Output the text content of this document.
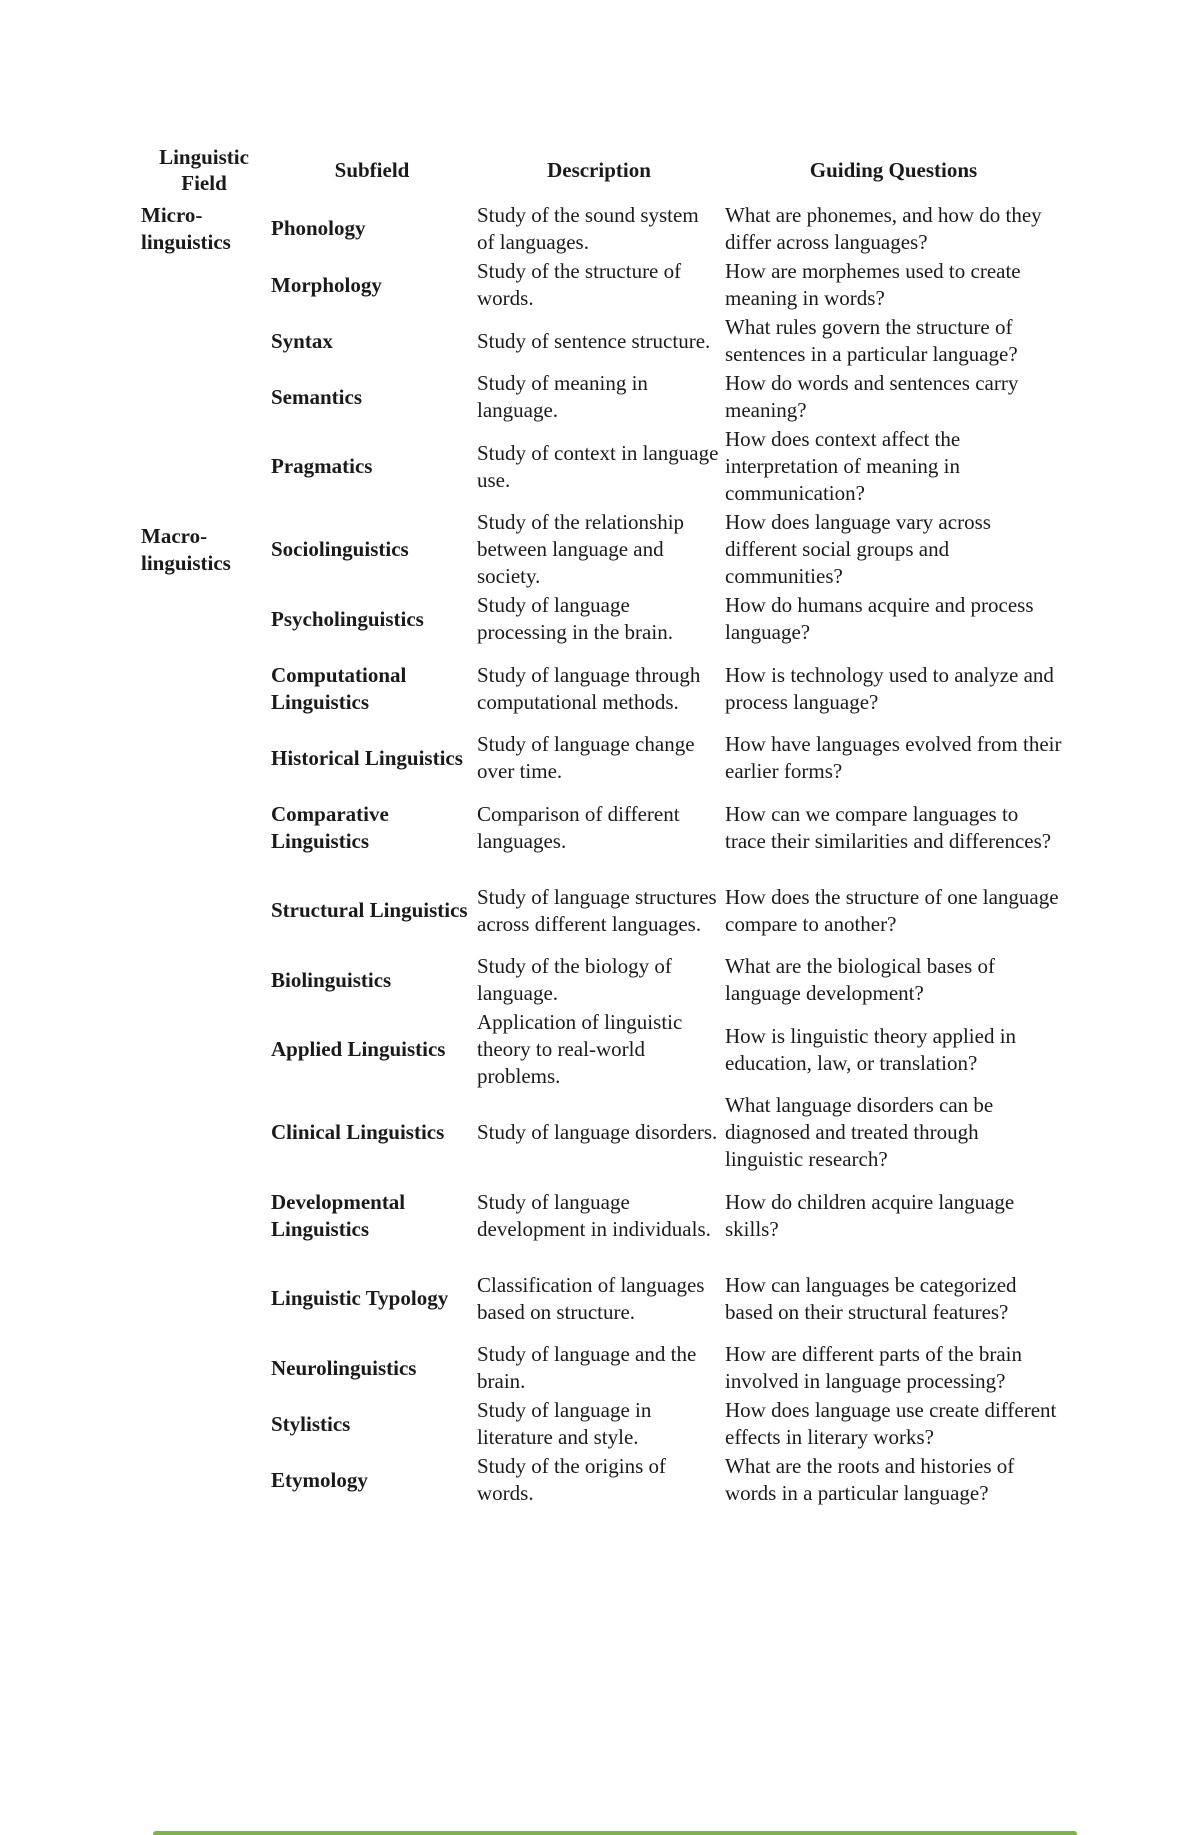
Linguistic Field	Subfield	Description	Guiding Questions
Micro-linguistics	Phonology	Study of the sound system of languages.	What are phonemes, and how do they differ across languages?
	Morphology	Study of the structure of words.	How are morphemes used to create meaning in words?
	Syntax	Study of sentence structure.	What rules govern the structure of sentences in a particular language?
	Semantics	Study of meaning in language.	How do words and sentences carry meaning?
	Pragmatics	Study of context in language use.	How does context affect the interpretation of meaning in communication?
Macro-linguistics	Sociolinguistics	Study of the relationship between language and society.	How does language vary across different social groups and communities?
	Psycholinguistics	Study of language processing in the brain.	How do humans acquire and process language?
	Computational Linguistics	Study of language through computational methods.	How is technology used to analyze and process language?
	Historical Linguistics	Study of language change over time.	How have languages evolved from their earlier forms?
	Comparative Linguistics	Comparison of different languages.	How can we compare languages to trace their similarities and differences?
	Structural Linguistics	Study of language structures across different languages.	How does the structure of one language compare to another?
	Biolinguistics	Study of the biology of language.	What are the biological bases of language development?
	Applied Linguistics	Application of linguistic theory to real-world problems.	How is linguistic theory applied in education, law, or translation?
	Clinical Linguistics	Study of language disorders.	What language disorders can be diagnosed and treated through linguistic research?
	Developmental Linguistics	Study of language development in individuals.	How do children acquire language skills?
	Linguistic Typology	Classification of languages based on structure.	How can languages be categorized based on their structural features?
	Neurolinguistics	Study of language and the brain.	How are different parts of the brain involved in language processing?
	Stylistics	Study of language in literature and style.	How does language use create different effects in literary works?
	Etymology	Study of the origins of words.	What are the roots and histories of words in a particular language?
